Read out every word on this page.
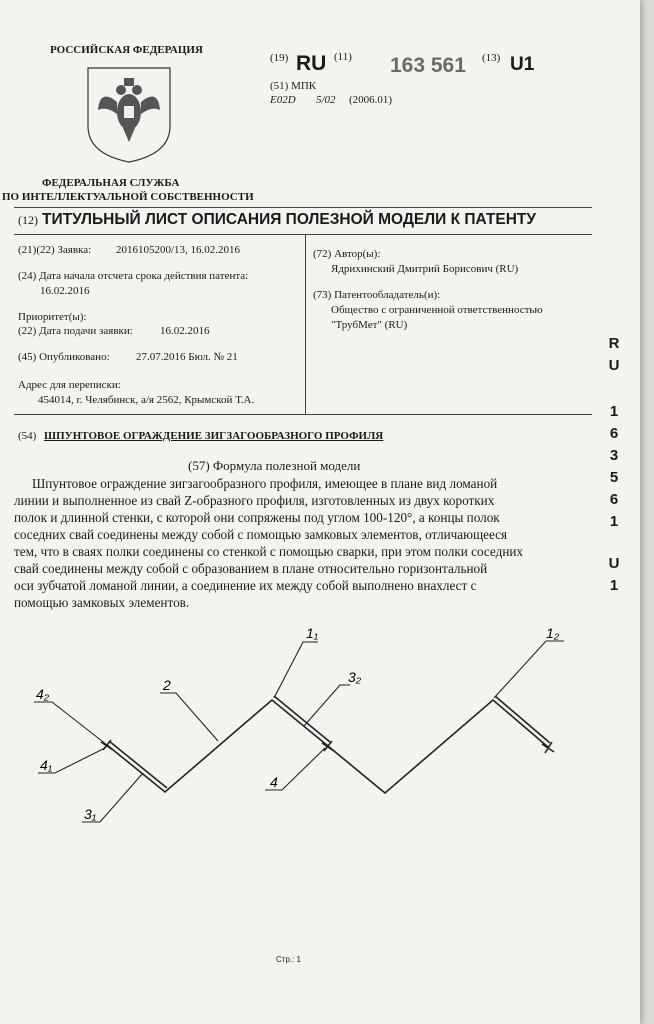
РОССИЙСКАЯ ФЕДЕРАЦИЯ
ФЕДЕРАЛЬНАЯ СЛУЖБА
ПО ИНТЕЛЛЕКТУАЛЬНОЙ СОБСТВЕННОСТИ
(19) RU (11) 163 561 (13) U1
(51) МПК
E02D 5/02 (2006.01)
(12) ТИТУЛЬНЫЙ ЛИСТ ОПИСАНИЯ ПОЛЕЗНОЙ МОДЕЛИ К ПАТЕНТУ
(21)(22) Заявка: 2016105200/13, 16.02.2016
(24) Дата начала отсчета срока действия патента:
16.02.2016
Приоритет(ы):
(22) Дата подачи заявки: 16.02.2016
(45) Опубликовано: 27.07.2016 Бюл. № 21
Адрес для переписки:
454014, г. Челябинск, а/я 2562, Крымской Т.А.
(72) Автор(ы):
Ядрихинский Дмитрий Борисович (RU)
(73) Патентообладатель(и):
Общество с ограниченной ответственностью
"ТрубМет" (RU)
(54) ШПУНТОВОЕ ОГРАЖДЕНИЕ ЗИГЗАГООБРАЗНОГО ПРОФИЛЯ
(57) Формула полезной модели
Шпунтовое ограждение зигзагообразного профиля, имеющее в плане вид ломаной
линии и выполненное из свай Z-образного профиля, изготовленных из двух коротких
полок и длинной стенки, с которой они сопряжены под углом 100-120°, а концы полок
соседних свай соединены между собой с помощью замковых элементов, отличающееся
тем, что в сваях полки соединены со стенкой с помощью сварки, при этом полки соседних
свай соединены между собой с образованием в плане относительно горизонтальной
оси зубчатой ломаной линии, а соединение их между собой выполнено внахлест с
помощью замковых элементов.
R
U
1
6
3
5
6
1
U
1
4₂
2
1₁
3₂
1₂
4₁
3₁
4
Стр.: 1
